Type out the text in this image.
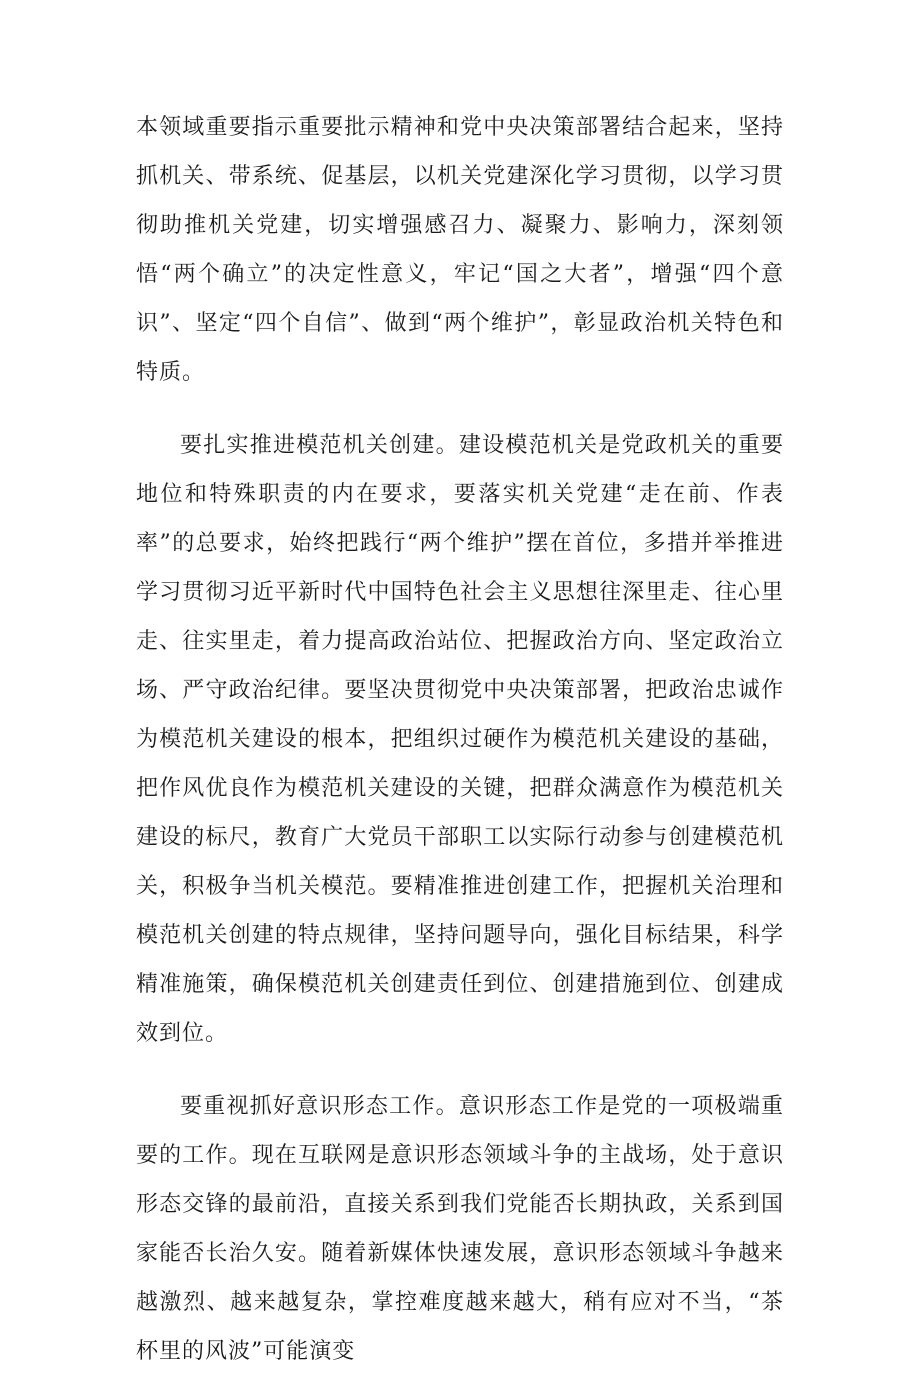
本领域重要指示重要批示精神和党中央决策部署结合起来，坚持抓机关、带系统、促基层，以机关党建深化学习贯彻，以学习贯彻助推机关党建，切实增强感召力、凝聚力、影响力，深刻领悟“两个确立”的决定性意义，牢记“国之大者”，增强“四个意识”、坚定“四个自信”、做到“两个维护”，彰显政治机关特色和特质。

要扎实推进模范机关创建。建设模范机关是党政机关的重要地位和特殊职责的内在要求，要落实机关党建“走在前、作表率”的总要求，始终把践行“两个维护”摆在首位，多措并举推进学习贯彻习近平新时代中国特色社会主义思想往深里走、往心里走、往实里走，着力提高政治站位、把握政治方向、坚定政治立场、严守政治纪律。要坚决贯彻党中央决策部署，把政治忠诚作为模范机关建设的根本，把组织过硬作为模范机关建设的基础，把作风优良作为模范机关建设的关键，把群众满意作为模范机关建设的标尺，教育广大党员干部职工以实际行动参与创建模范机关，积极争当机关模范。要精准推进创建工作，把握机关治理和模范机关创建的特点规律，坚持问题导向，强化目标结果，科学精准施策，确保模范机关创建责任到位、创建措施到位、创建成效到位。

要重视抓好意识形态工作。意识形态工作是党的一项极端重要的工作。现在互联网是意识形态领域斗争的主战场，处于意识形态交锋的最前沿，直接关系到我们党能否长期执政，关系到国家能否长治久安。随着新媒体快速发展，意识形态领域斗争越来越激烈、越来越复杂，掌控难度越来越大，稍有应对不当，“茶杯里的风波”可能演变
